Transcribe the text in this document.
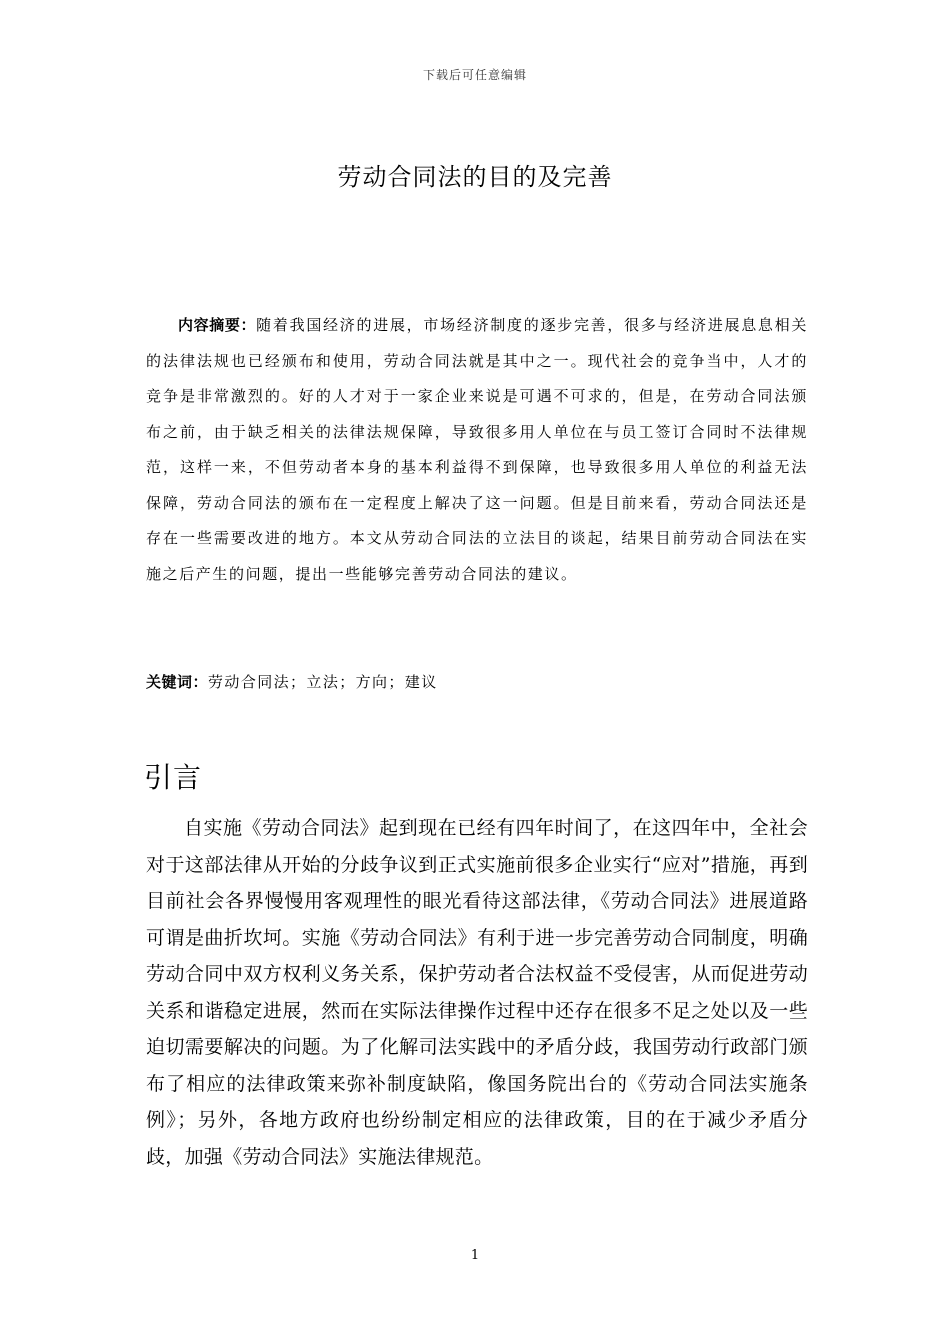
下载后可任意编辑
劳动合同法的目的及完善

内容摘要：随着我国经济的进展，市场经济制度的逐步完善，很多与经济进展息息相关的法律法规也已经颁布和使用，劳动合同法就是其中之一。现代社会的竞争当中，人才的竞争是非常激烈的。好的人才对于一家企业来说是可遇不可求的，但是，在劳动合同法颁布之前，由于缺乏相关的法律法规保障，导致很多用人单位在与员工签订合同时不法律规范，这样一来，不但劳动者本身的基本利益得不到保障，也导致很多用人单位的利益无法保障，劳动合同法的颁布在一定程度上解决了这一问题。但是目前来看，劳动合同法还是存在一些需要改进的地方。本文从劳动合同法的立法目的谈起，结果目前劳动合同法在实施之后产生的问题，提出一些能够完善劳动合同法的建议。

关键词：劳动合同法；立法；方向；建议

引言

自实施《劳动合同法》起到现在已经有四年时间了，在这四年中，全社会对于这部法律从开始的分歧争议到正式实施前很多企业实行“应对”措施，再到目前社会各界慢慢用客观理性的眼光看待这部法律，《劳动合同法》进展道路可谓是曲折坎坷。实施《劳动合同法》有利于进一步完善劳动合同制度，明确劳动合同中双方权利义务关系，保护劳动者合法权益不受侵害，从而促进劳动关系和谐稳定进展，然而在实际法律操作过程中还存在很多不足之处以及一些迫切需要解决的问题。为了化解司法实践中的矛盾分歧，我国劳动行政部门颁布了相应的法律政策来弥补制度缺陷，像国务院出台的《劳动合同法实施条例》；另外，各地方政府也纷纷制定相应的法律政策，目的在于减少矛盾分歧，加强《劳动合同法》实施法律规范。

1
